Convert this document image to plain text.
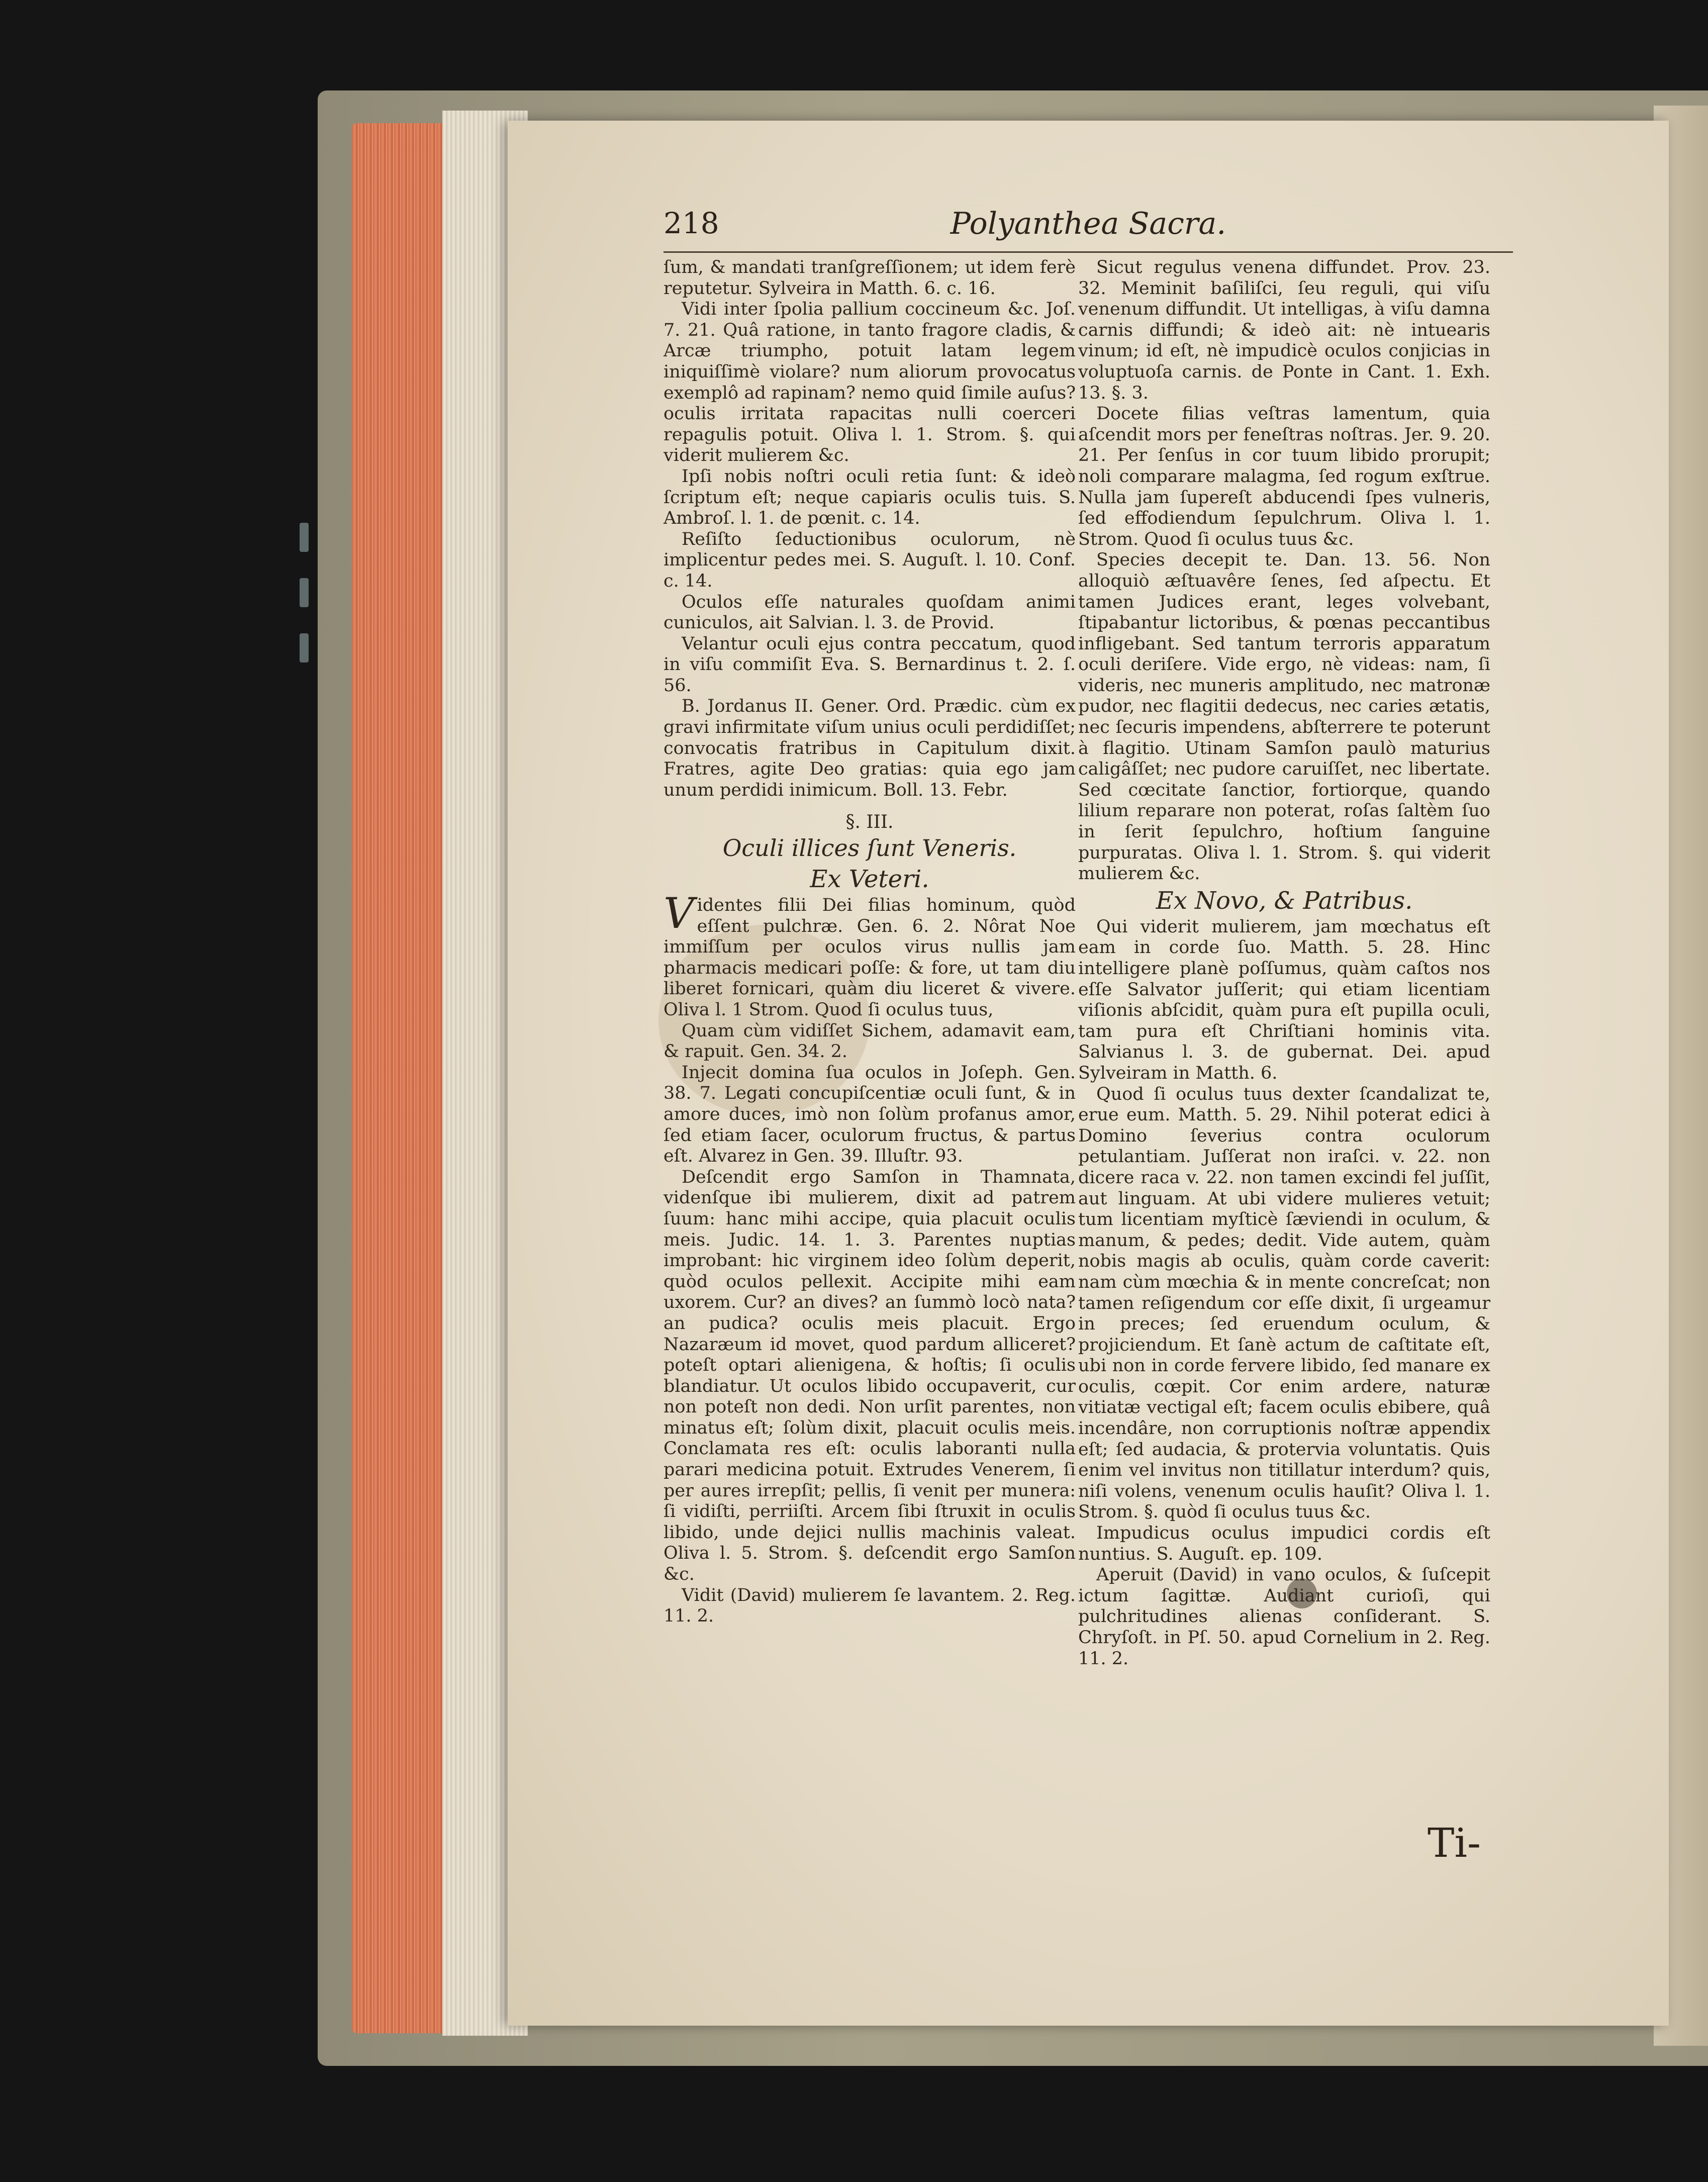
218	Polyanthea Sacra.

ſum, & mandati tranſgreſſionem; ut idem ferè reputetur. Sylveira in Matth. 6. c. 16.

Vidi inter ſpolia pallium coccineum &c. Joſ. 7. 21. Quâ ratione, in tanto fragore cladis, & Arcæ triumpho, potuit latam legem iniquiſſimè violare? num aliorum provocatus exemplô ad rapinam? nemo quid ſimile auſus? oculis irritata rapacitas nulli coerceri repagulis potuit. Oliva l. 1. Strom. §. qui viderit mulierem &c.

Ipſi nobis noſtri oculi retia ſunt: & ideò ſcriptum eſt; neque capiaris oculis tuis. S. Ambroſ. l. 1. de pœnit. c. 14.

Reſiſto ſeductionibus oculorum, nè implicentur pedes mei. S. Auguſt. l. 10. Conf. c. 14.

Oculos eſſe naturales quoſdam animi cuniculos, ait Salvian. l. 3. de Provid.

Velantur oculi ejus contra peccatum, quod in viſu commiſit Eva. S. Bernardinus t. 2. ſ. 56.

B. Jordanus II. Gener. Ord. Prædic. cùm ex gravi infirmitate viſum unius oculi perdidiſſet; convocatis fratribus in Capitulum dixit. Fratres, agite Deo gratias: quia ego jam unum perdidi inimicum. Boll. 13. Febr.

§. III.

Oculi illices ſunt Veneris.

Ex Veteri.

Videntes filii Dei filias hominum, quòd eſſent pulchræ. Gen. 6. 2. Nôrat Noe immiſſum per oculos virus nullis jam pharmacis medicari poſſe: & fore, ut tam diu liberet fornicari, quàm diu liceret & vivere. Oliva l. 1 Strom. Quod ſi oculus tuus,

Quam cùm vidiſſet Sichem, adamavit eam, & rapuit. Gen. 34. 2.

Injecit domina ſua oculos in Joſeph. Gen. 38. 7. Legati concupiſcentiæ oculi ſunt, & in amore duces, imò non ſolùm profanus amor, ſed etiam ſacer, oculorum fructus, & partus eſt. Alvarez in Gen. 39. Illuſtr. 93.

Deſcendit ergo Samſon in Thamnata, videnſque ibi mulierem, dixit ad patrem ſuum: hanc mihi accipe, quia placuit oculis meis. Judic. 14. 1. 3. Parentes nuptias improbant: hic virginem ideo ſolùm deperit, quòd oculos pellexit. Accipite mihi eam uxorem. Cur? an dives? an ſummò locò nata? an pudica? oculis meis placuit. Ergo Nazaræum id movet, quod pardum alliceret? poteſt optari alienigena, & hoſtis; ſi oculis blandiatur. Ut oculos libido occupaverit, cur non poteſt non dedi. Non urſit parentes, non minatus eſt; ſolùm dixit, placuit oculis meis. Conclamata res eſt: oculis laboranti nulla parari medicina potuit. Extrudes Venerem, ſi per aures irrepſit; pellis, ſi venit per munera: ſi vidiſti, perriiſti. Arcem ſibi ſtruxit in oculis libido, unde dejici nullis machinis valeat. Oliva l. 5. Strom. §. deſcendit ergo Samſon &c.

Vidit (David) mulierem ſe lavantem. 2. Reg. 11. 2.

Sicut regulus venena diffundet. Prov. 23. 32. Meminit baſiliſci, ſeu reguli, qui viſu venenum diffundit. Ut intelligas, à viſu damna carnis diffundi; & ideò ait: nè intuearis vinum; id eſt, nè impudicè oculos conjicias in voluptuoſa carnis. de Ponte in Cant. 1. Exh. 13. §. 3.

Docete filias veſtras lamentum, quia aſcendit mors per feneſtras noſtras. Jer. 9. 20. 21. Per ſenſus in cor tuum libido prorupit; noli comparare malagma, ſed rogum exſtrue. Nulla jam ſupereſt abducendi ſpes vulneris, ſed effodiendum ſepulchrum. Oliva l. 1. Strom. Quod ſi oculus tuus &c.

Species decepit te. Dan. 13. 56. Non alloquiò æſtuavêre ſenes, ſed aſpectu. Et tamen Judices erant, leges volvebant, ſtipabantur lictoribus, & pœnas peccantibus infligebant. Sed tantum terroris apparatum oculi deriſere. Vide ergo, nè videas: nam, ſi videris, nec muneris amplitudo, nec matronæ pudor, nec flagitii dedecus, nec caries ætatis, nec ſecuris impendens, abſterrere te poterunt à flagitio. Utinam Samſon paulò maturius caligâſſet; nec pudore caruiſſet, nec libertate. Sed cœcitate ſanctior, fortiorque, quando lilium reparare non poterat, roſas ſaltèm ſuo in ſerit ſepulchro, hoſtium ſanguine purpuratas. Oliva l. 1. Strom. §. qui viderit mulierem &c.

Ex Novo, & Patribus.

Qui viderit mulierem, jam mœchatus eſt eam in corde ſuo. Matth. 5. 28. Hinc intelligere planè poſſumus, quàm caſtos nos eſſe Salvator juſſerit; qui etiam licentiam viſionis abſcidit, quàm pura eſt pupilla oculi, tam pura eſt Chriſtiani hominis vita. Salvianus l. 3. de gubernat. Dei. apud Sylveiram in Matth. 6.

Quod ſi oculus tuus dexter ſcandalizat te, erue eum. Matth. 5. 29. Nihil poterat edici à Domino ſeverius contra oculorum petulantiam. Juſſerat non iraſci. v. 22. non dicere raca v. 22. non tamen excindi fel juſſit, aut linguam. At ubi videre mulieres vetuit; tum licentiam myſticè ſæviendi in oculum, & manum, & pedes; dedit. Vide autem, quàm nobis magis ab oculis, quàm corde caverit: nam cùm mœchia & in mente concreſcat; non tamen reſigendum cor eſſe dixit, ſi urgeamur in preces; ſed eruendum oculum, & projiciendum. Et ſanè actum de caſtitate eſt, ubi non in corde fervere libido, ſed manare ex oculis, cœpit. Cor enim ardere, naturæ vitiatæ vectigal eſt; facem oculis ebibere, quâ incendâre, non corruptionis noſtræ appendix eſt; ſed audacia, & protervia voluntatis. Quis enim vel invitus non titillatur interdum? quis, niſi volens, venenum oculis hauſit? Oliva l. 1. Strom. §. quòd ſi oculus tuus &c.

Impudicus oculus impudici cordis eſt nuntius. S. Auguſt. ep. 109.

Aperuit (David) in vano oculos, & ſuſcepit ictum ſagittæ. Audiant curioſi, qui pulchritudines alienas conſiderant. S. Chryſoſt. in Pſ. 50. apud Cornelium in 2. Reg. 11. 2.

Ti-
